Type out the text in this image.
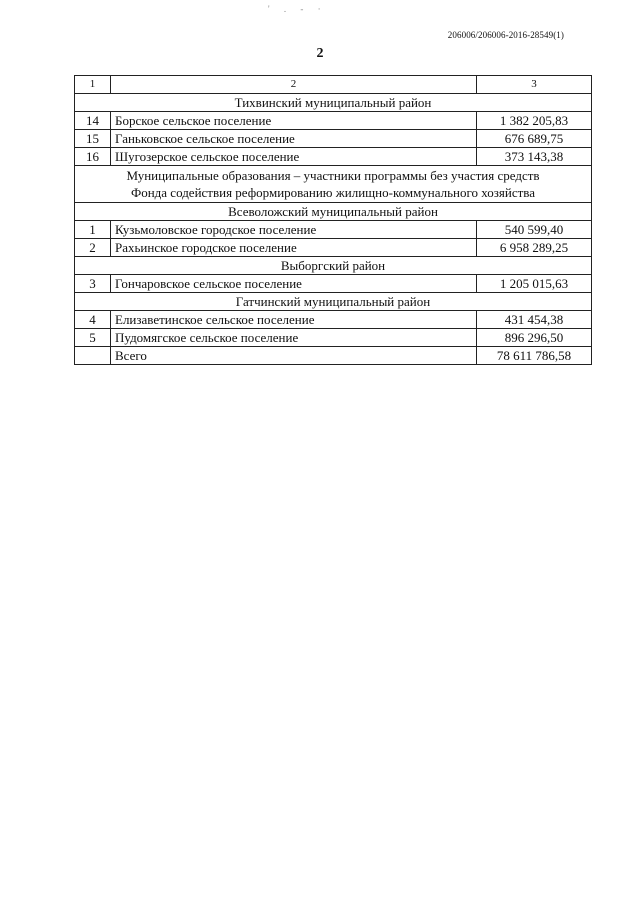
' . - ·
206006/206006-2016-28549(1)
2
1	2	3
Тихвинский муниципальный район		
14	Борское сельское поселение	1 382 205,83
15	Ганьковское сельское поселение	676 689,75
16	Шугозерское сельское поселение	373 143,38
Муниципальные образования – участники программы без участия средств
Фонда содействия реформированию жилищно-коммунального хозяйства		
Всеволожский муниципальный район		
1	Кузьмоловское городское поселение	540 599,40
2	Рахьинское городское поселение	6 958 289,25
Выборгский район		
3	Гончаровское сельское поселение	1 205 015,63
Гатчинский муниципальный район		
4	Елизаветинское сельское поселение	431 454,38
5	Пудомягское сельское поселение	896 296,50
	Всего	78 611 786,58
